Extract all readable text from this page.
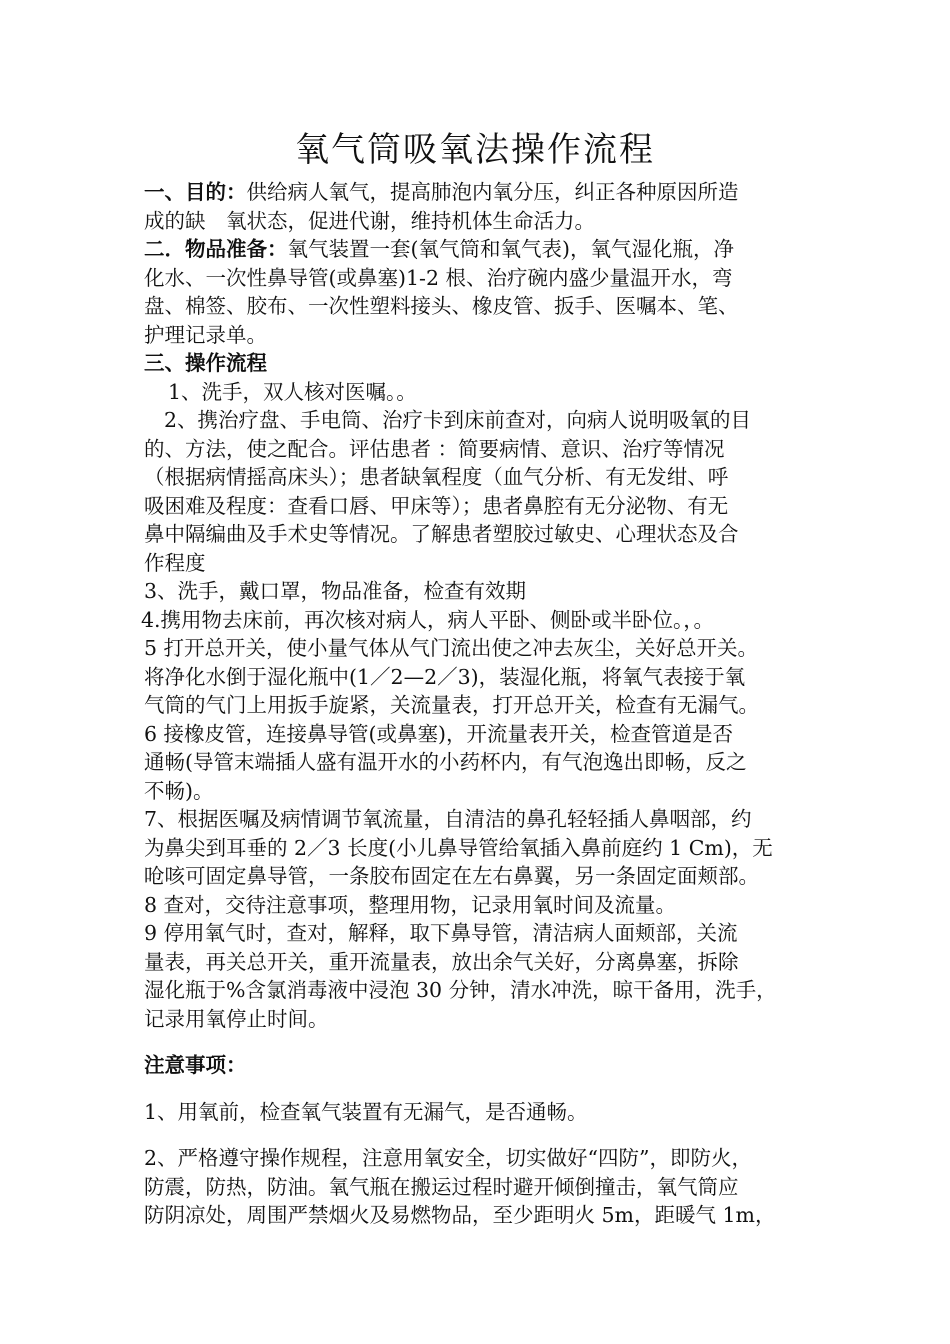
氧气筒吸氧法操作流程
一、目的：供给病人氧气，提高肺泡内氧分压，纠正各种原因所造
成的缺　氧状态，促进代谢，维持机体生命活力。
二．物品准备：氧气装置一套(氧气筒和氧气表)，氧气湿化瓶，净
化水、一次性鼻导管(或鼻塞)1-2 根、治疗碗内盛少量温开水，弯
盘、棉签、胶布、一次性塑料接头、橡皮管、扳手、医嘱本、笔、
护理记录单。
三、操作流程
1、洗手，双人核对医嘱。。
2、携治疗盘、手电筒、治疗卡到床前查对，向病人说明吸氧的目
的、方法，使之配合。评估患者 ：简要病情、意识、治疗等情况
（根据病情摇高床头）；患者缺氧程度（血气分析、有无发绀、呼
吸困难及程度：查看口唇、甲床等）；患者鼻腔有无分泌物、有无
鼻中隔编曲及手术史等情况。了解患者塑胶过敏史、心理状态及合
作程度
3、洗手，戴口罩，物品准备，检查有效期
4.携用物去床前，再次核对病人，病人平卧、侧卧或半卧位。，。
5 打开总开关，使小量气体从气门流出使之冲去灰尘，关好总开关。
将净化水倒于湿化瓶中(1／2—2／3)，装湿化瓶，将氧气表接于氧
气筒的气门上用扳手旋紧，关流量表，打开总开关，检查有无漏气。
6 接橡皮管，连接鼻导管(或鼻塞)，开流量表开关，检查管道是否
通畅(导管末端插人盛有温开水的小药杯内，有气泡逸出即畅，反之
不畅)。
7、根据医嘱及病情调节氧流量，自清洁的鼻孔轻轻插人鼻咽部，约
为鼻尖到耳垂的 2／3 长度(小儿鼻导管给氧插入鼻前庭约 1 Cm)，无
呛咳可固定鼻导管，一条胶布固定在左右鼻翼，另一条固定面颊部。
8 查对，交待注意事项，整理用物，记录用氧时间及流量。
9 停用氧气时，查对，解释，取下鼻导管，清洁病人面颊部，关流
量表，再关总开关，重开流量表，放出余气关好，分离鼻塞，拆除
湿化瓶于%含氯消毒液中浸泡 30 分钟，清水冲洗，晾干备用，洗手，
记录用氧停止时间。
注意事项：
1、用氧前，检查氧气装置有无漏气，是否通畅。
2、严格遵守操作规程，注意用氧安全，切实做好“四防”，即防火，
防震，防热，防油。氧气瓶在搬运过程时避开倾倒撞击，氧气筒应
防阴凉处，周围严禁烟火及易燃物品，至少距明火 5m，距暖气 1m，
